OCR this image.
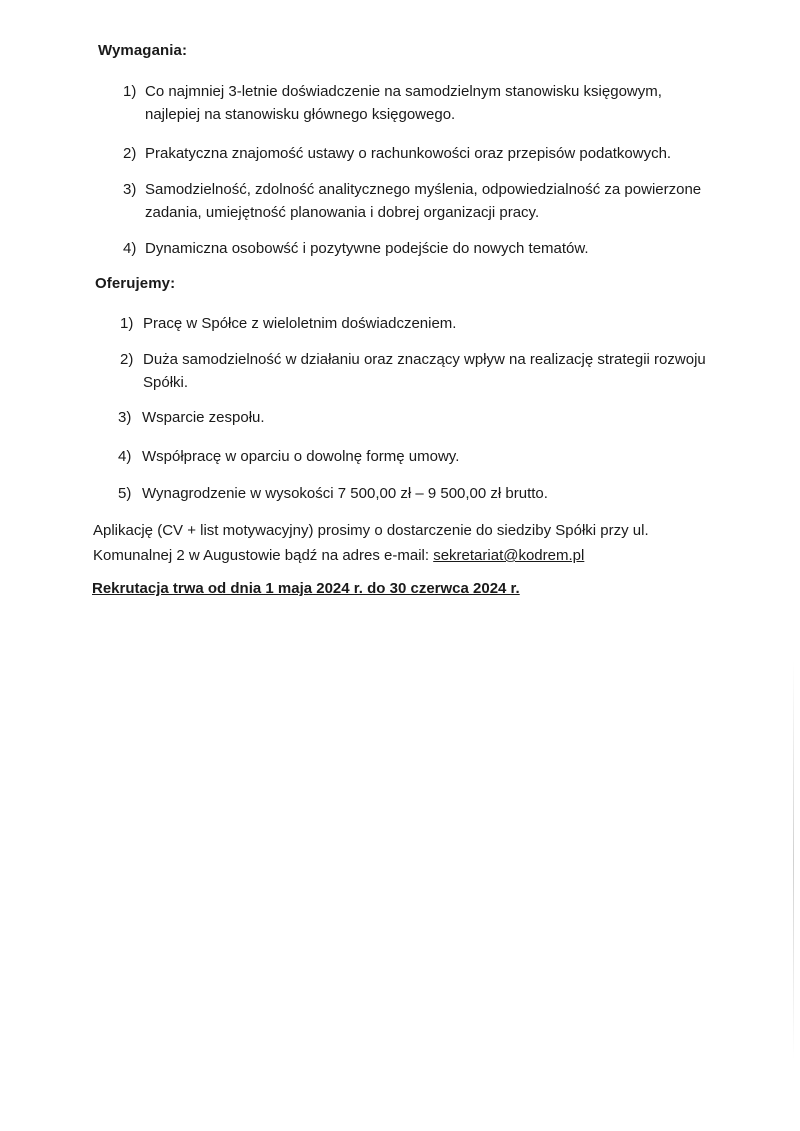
Wymagania:
1) Co najmniej 3-letnie doświadczenie na samodzielnym stanowisku księgowym,
najlepiej na stanowisku głównego księgowego.
2) Prakatyczna znajomość ustawy o rachunkowości oraz przepisów podatkowych.
3) Samodzielność, zdolność analitycznego myślenia, odpowiedzialność za powierzone
zadania, umiejętność planowania i dobrej organizacji pracy.
4) Dynamiczna osobowść i pozytywne podejście do nowych tematów.
Oferujemy:
1) Pracę w Spółce z wieloletnim doświadczeniem.
2) Duża samodzielność w działaniu oraz znaczący wpływ na realizację strategii rozwoju
Spółki.
3) Wsparcie zespołu.
4) Współpracę w oparciu o dowolnę formę umowy.
5) Wynagrodzenie w wysokości 7 500,00 zł – 9 500,00 zł brutto.
Aplikację (CV + list motywacyjny) prosimy o dostarczenie do siedziby Spółki przy ul.
Komunalnej 2 w Augustowie bądź na adres e-mail: sekretariat@kodrem.pl
Rekrutacja trwa od dnia 1 maja 2024 r. do 30 czerwca 2024 r.
